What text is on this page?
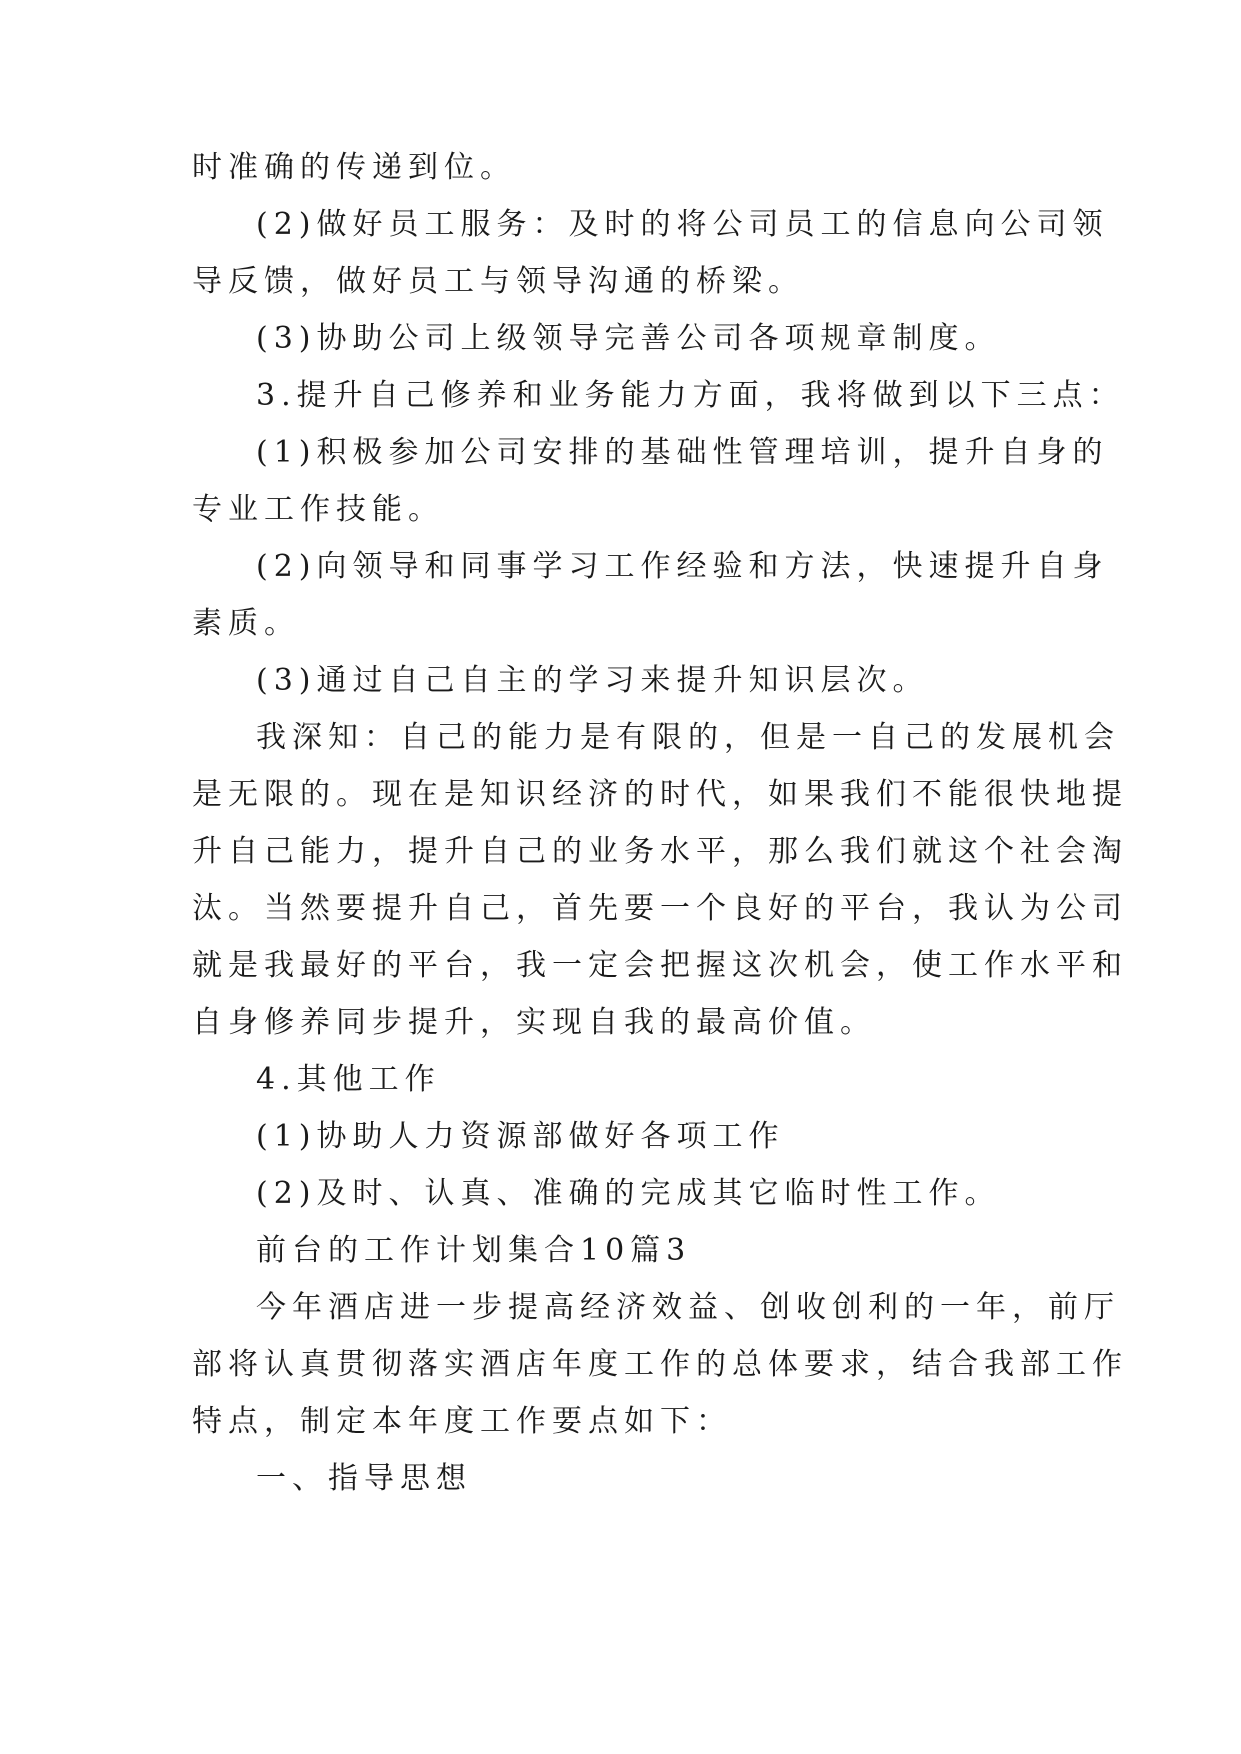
时准确的传递到位。
(2)做好员工服务：及时的将公司员工的信息向公司领
导反馈，做好员工与领导沟通的桥梁。
(3)协助公司上级领导完善公司各项规章制度。
3.提升自己修养和业务能力方面，我将做到以下三点：
(1)积极参加公司安排的基础性管理培训，提升自身的
专业工作技能。
(2)向领导和同事学习工作经验和方法，快速提升自身
素质。
(3)通过自己自主的学习来提升知识层次。
我深知：自己的能力是有限的，但是一自己的发展机会
是无限的。现在是知识经济的时代，如果我们不能很快地提
升自己能力，提升自己的业务水平，那么我们就这个社会淘
汰。当然要提升自己，首先要一个良好的平台，我认为公司
就是我最好的平台，我一定会把握这次机会，使工作水平和
自身修养同步提升，实现自我的最高价值。
4.其他工作
(1)协助人力资源部做好各项工作
(2)及时、认真、准确的完成其它临时性工作。
前台的工作计划集合10篇3
今年酒店进一步提高经济效益、创收创利的一年，前厅
部将认真贯彻落实酒店年度工作的总体要求，结合我部工作
特点，制定本年度工作要点如下：
一、指导思想
